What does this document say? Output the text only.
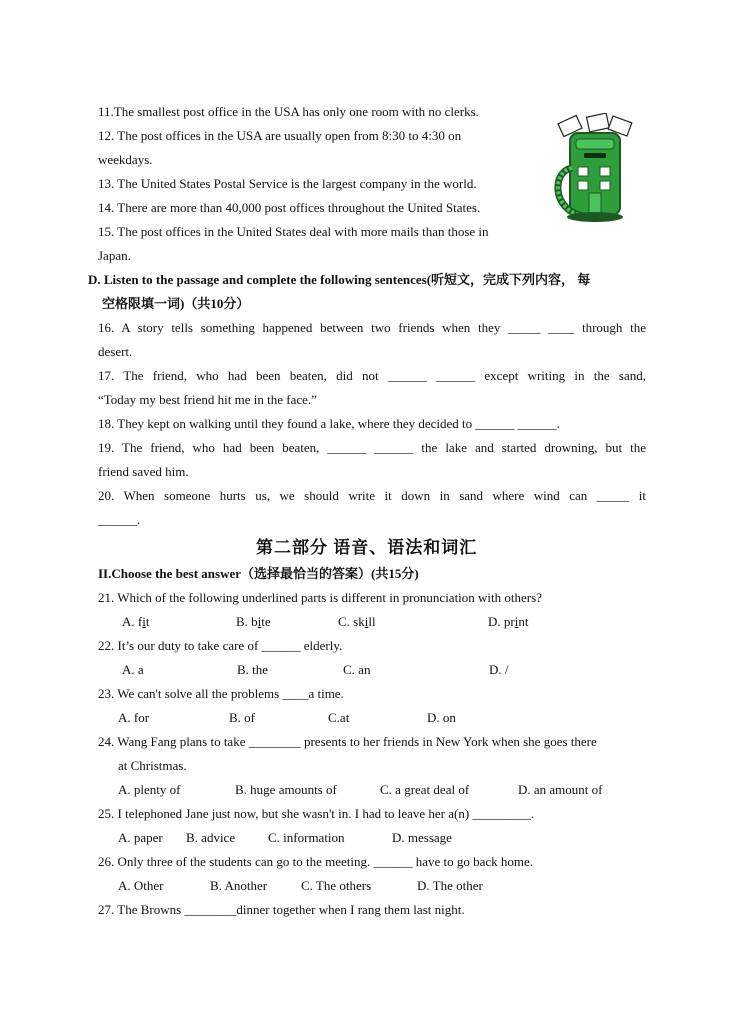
11.The smallest post office in the USA has only one room with no clerks.
12. The post offices in the USA are usually open from 8:30 to 4:30 on
weekdays.
13. The United States Postal Service is the largest company in the world.
14. There are more than 40,000 post offices throughout the United States.
15. The post offices in the United States deal with more mails than those in
Japan.
D. Listen to the passage and complete the following sentences(听短文，完成下列内容， 每
空格限填一词)（共10分）
16. A story tells something happened between two friends when they _____ ____ through the
desert.
17. The friend, who had been beaten, did not ______ ______ except writing in the sand,
“Today my best friend hit me in the face.”
18. They kept on walking until they found a lake, where they decided to ______ ______.
19. The friend, who had been beaten, ______ ______ the lake and started drowning, but the
friend saved him.
20. When someone hurts us, we should write it down in sand where wind can _____ it
______.
第二部分 语音、语法和词汇
II.Choose the best answer（选择最恰当的答案）(共15分)
21. Which of the following underlined parts is different in pronunciation with others?
A. fit	B. bite	C. skill	D. print
22. It’s our duty to take care of ______ elderly.
A. a	B. the	C. an	D. /
23. We can't solve all the problems ____a time.
A. for	B. of	C.at	D. on
24. Wang Fang plans to take ________ presents to her friends in New York when she goes there
at Christmas.
A. plenty of	B. huge amounts of	C. a great deal of	D. an amount of
25. I telephoned Jane just now, but she wasn't in. I had to leave her a(n) _________.
A. paper B. advice	C. information	D. message
26. Only three of the students can go to the meeting. ______ have to go back home.
A. Other	B. Another	C. The others	D. The other
27. The Browns ________dinner together when I rang them last night.
